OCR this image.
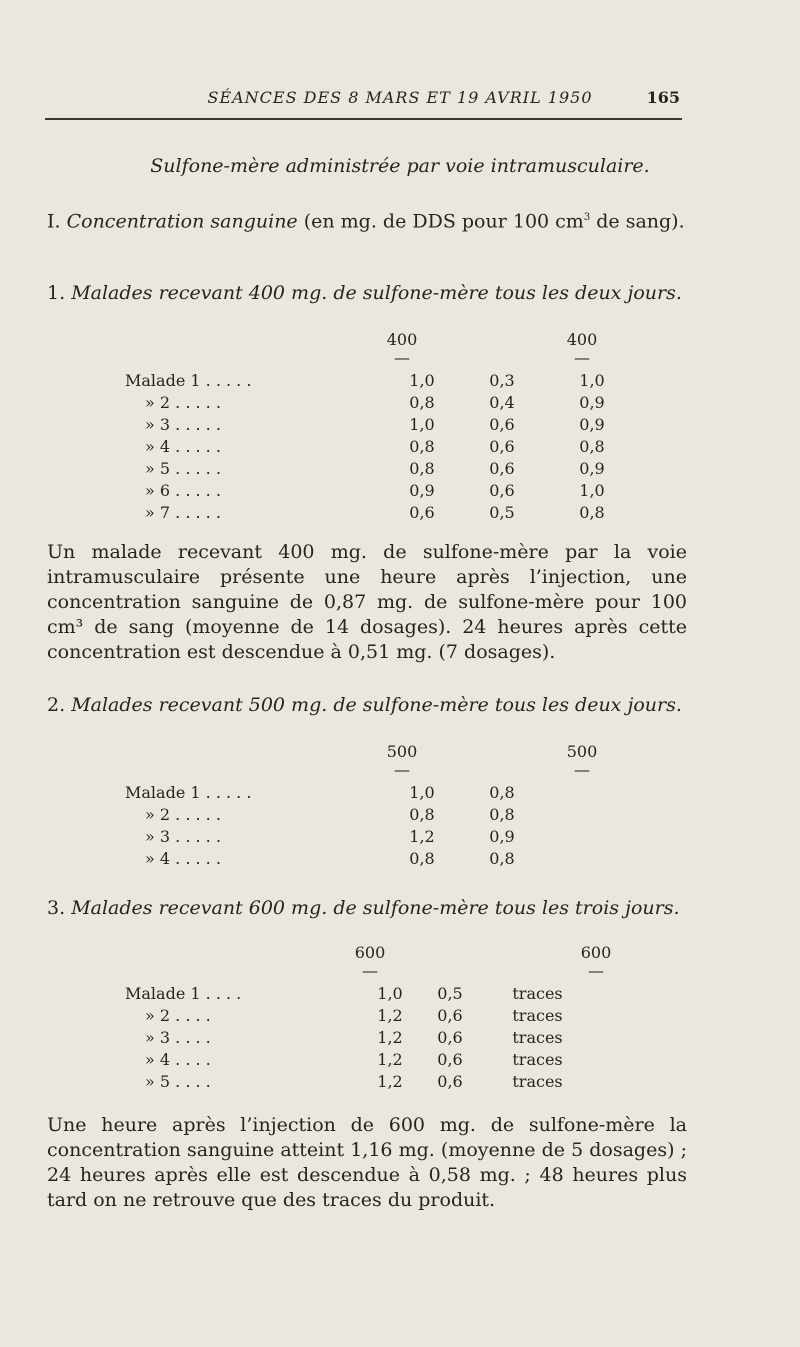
SÉANCES DES 8 MARS ET 19 AVRIL 1950	165
Sulfone-mère administrée par voie intramusculaire.
I. Concentration sanguine (en mg. de DDS pour 100 $cm^3$ de sang).
1. Malades recevant 400 mg. de sulfone-mère tous les deux jours.
400
—
400
—
Malade 1 . . . . .	1,0	0,3	1,0
» 2 . . . . .	0,8	0,4	0,9
» 3 . . . . .	1,0	0,6	0,9
» 4 . . . . .	0,8	0,6	0,8
» 5 . . . . .	0,8	0,6	0,9
» 6 . . . . .	0,9	0,6	1,0
» 7 . . . . .	0,6	0,5	0,8
Un malade recevant 400 mg. de sulfone-mère par la voie intramusculaire présente une heure après l’injection, une concentration sanguine de 0,87 mg. de sulfone-mère pour 100 cm³ de sang (moyenne de 14 dosages). 24 heures après cette concentration est descendue à 0,51 mg. (7 dosages).
2. Malades recevant 500 mg. de sulfone-mère tous les deux jours.
500
—
500
—
Malade 1 . . . . .	1,0	0,8
» 2 . . . . .	0,8	0,8
» 3 . . . . .	1,2	0,9
» 4 . . . . .	0,8	0,8
3. Malades recevant 600 mg. de sulfone-mère tous les trois jours.
600
—
600
—
Malade 1 . . . .	1,0	0,5	traces
» 2 . . . .	1,2	0,6	traces
» 3 . . . .	1,2	0,6	traces
» 4 . . . .	1,2	0,6	traces
» 5 . . . .	1,2	0,6	traces
Une heure après l’injection de 600 mg. de sulfone-mère la concentration sanguine atteint 1,16 mg. (moyenne de 5 dosages) ; 24 heures après elle est descendue à 0,58 mg. ; 48 heures plus tard on ne retrouve que des traces du produit.
